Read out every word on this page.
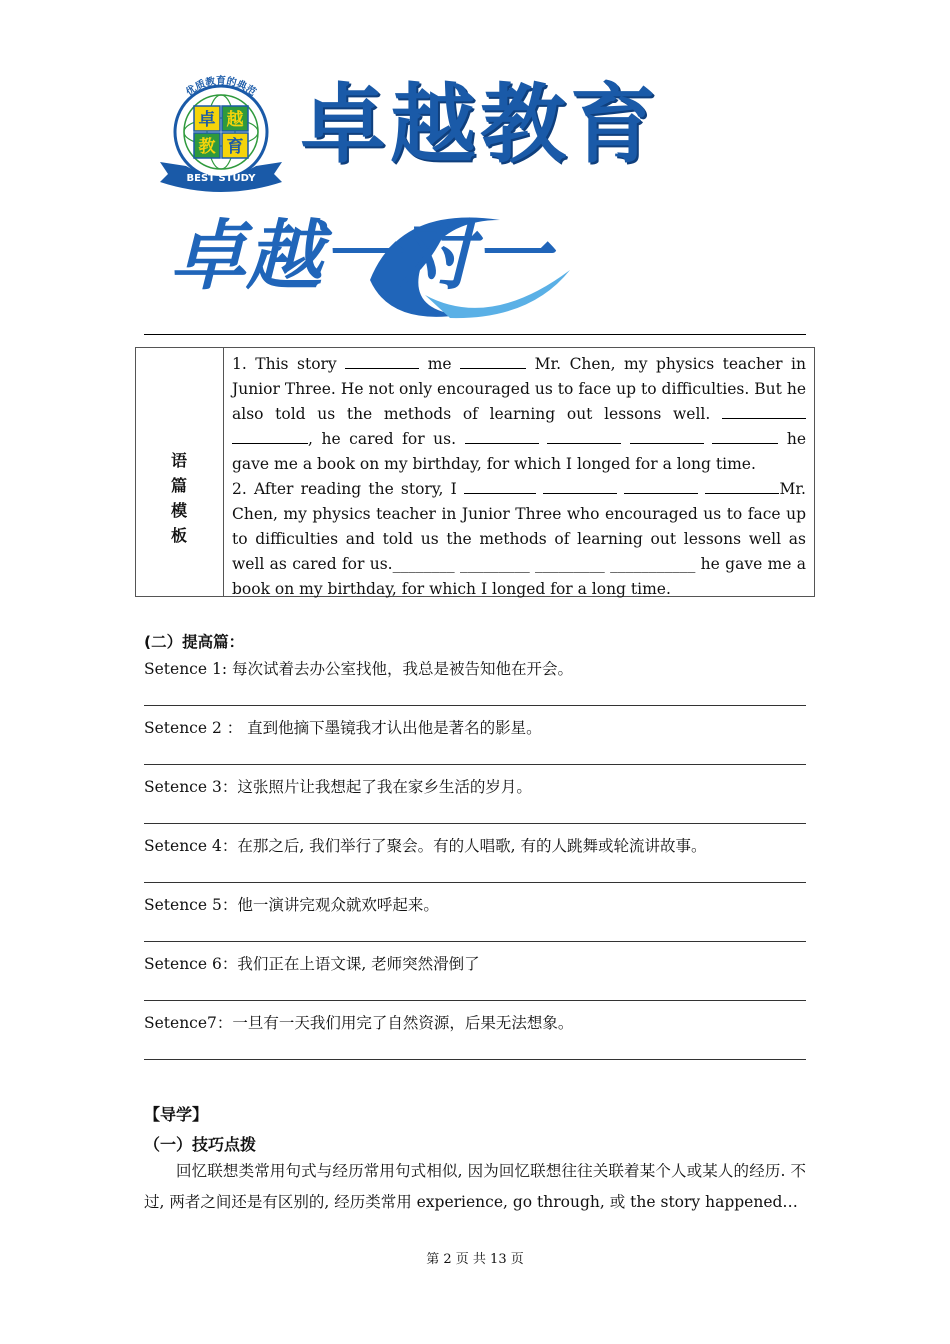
卓 越
教 育
优质教育的典范
BEST STUDY
卓越教育
卓越一对一
语
篇
模
板

1. This story	me	Mr. Chen, my physics teacher in Junior Three. He not only encouraged us to face up to difficulties. But he also told us the methods of learning out lessons well.  , he cared for us.	he gave me a book on my birthday, for which I longed for a long time.

2. After reading the story, I	Mr. Chen, my physics teacher in Junior Three who encouraged us to face up to difficulties and told us the methods of learning out lessons well as well as cared for us.________ _________ _________ ___________ he gave me a book on my birthday, for which I longed for a long time.

(二）提高篇：
Setence 1: 每次试着去办公室找他，我总是被告知他在开会。
Setence 2 ： 直到他摘下墨镜我才认出他是著名的影星。
Setence 3：这张照片让我想起了我在家乡生活的岁月。
Setence 4：在那之后, 我们举行了聚会。有的人唱歌, 有的人跳舞或轮流讲故事。
Setence 5：他一演讲完观众就欢呼起来。
Setence 6：我们正在上语文课, 老师突然滑倒了
Setence7：一旦有一天我们用完了自然资源，后果无法想象。
【导学】
（一）技巧点拨
回忆联想类常用句式与经历常用句式相似, 因为回忆联想往往关联着某个人或某人的经历. 不过, 两者之间还是有区别的, 经历类常用 experience, go through, 或 the story happened…
第 2 页 共 13 页
